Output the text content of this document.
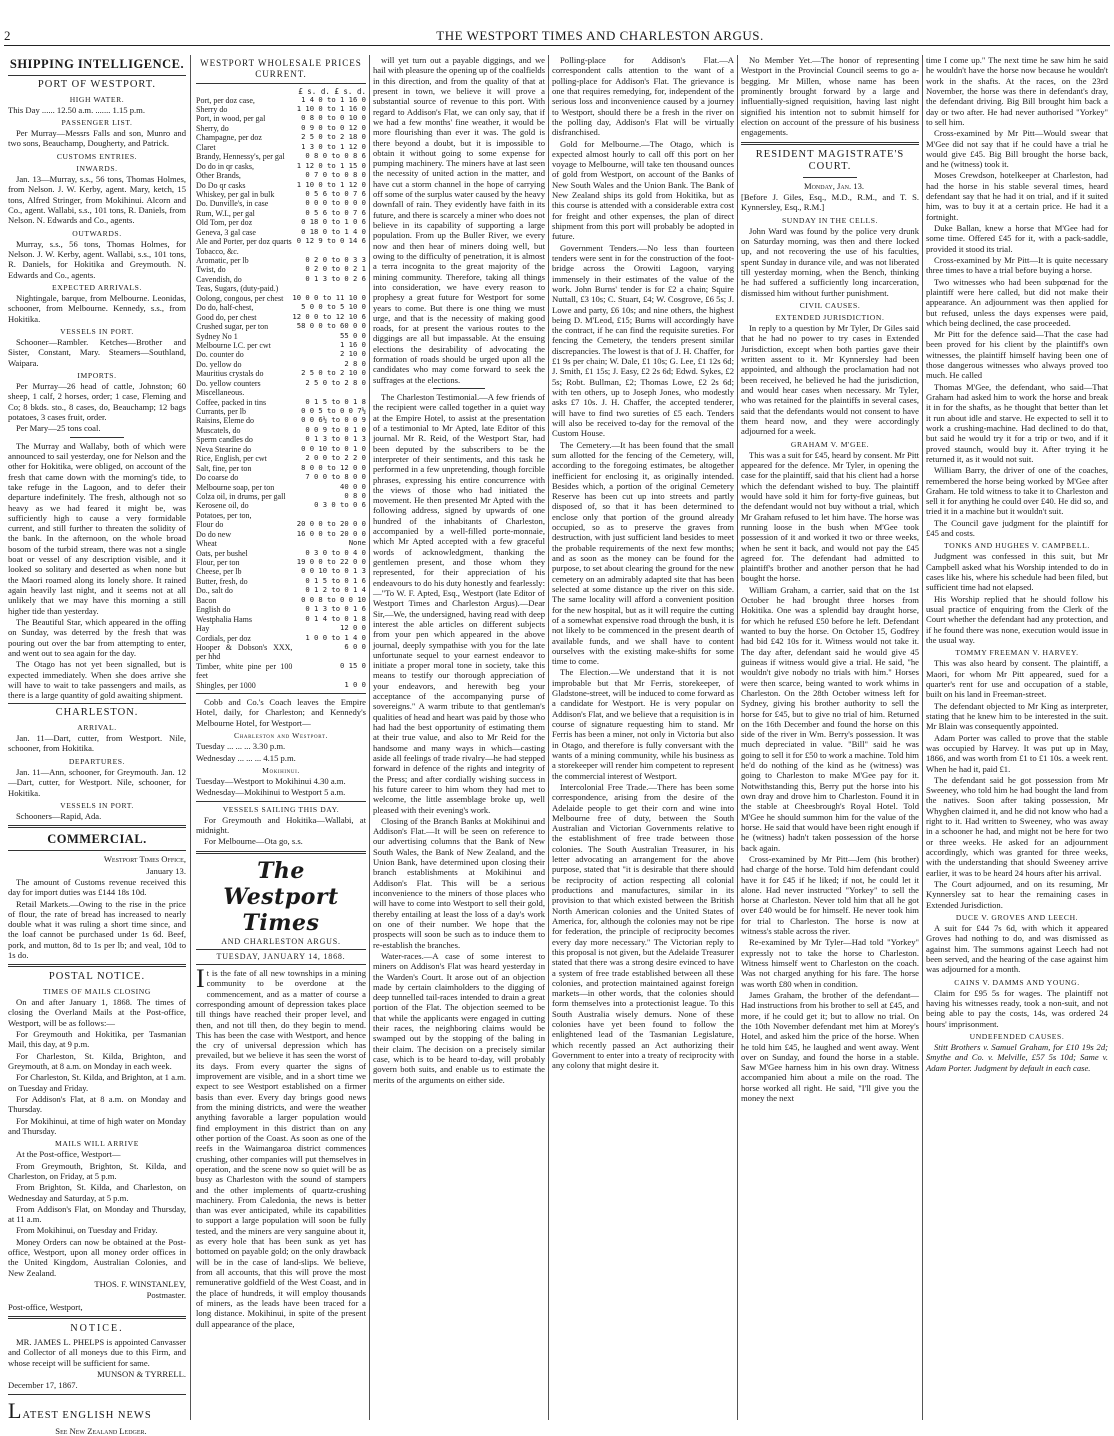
2	THE WESTPORT TIMES AND CHARLESTON ARGUS.
SHIPPING INTELLIGENCE.
PORT OF WESTPORT.
HIGH WATER.

This Day ...... 12.50 a.m. ....... 1.15 p.m.

PASSENGER LIST.

Per Murray—Messrs Falls and son, Munro and two sons, Beauchamp, Dougherty, and Patrick.

CUSTOMS ENTRIES.
INWARDS.

Jan. 13—Murray, s.s., 56 tons, Thomas Holmes, from Nelson. J. W. Kerby, agent. Mary, ketch, 15 tons, Alfred Stringer, from Mokihinui. Alcorn and Co., agent. Wallabi, s.s., 101 tons, R. Daniels, from Nelson. N. Edwards and Co., agents.

OUTWARDS.

Murray, s.s., 56 tons, Thomas Holmes, for Nelson. J. W. Kerby, agent. Wallabi, s.s., 101 tons, R. Daniels, for Hokitika and Greymouth. N. Edwards and Co., agents.

EXPECTED ARRIVALS.

Nightingale, barque, from Melbourne. Leonidas, schooner, from Melbourne. Kennedy, s.s., from Hokitika.

VESSELS IN PORT.

Schooner—Rambler. Ketches—Brother and Sister, Constant, Mary. Steamers—Southland, Waipara.

IMPORTS.

Per Murray—26 head of cattle, Johnston; 60 sheep, 1 calf, 2 horses, order; 1 case, Fleming and Co; 8 bkds. sto., 8 cases, do, Beauchamp; 12 bags potatoes, 3 cases fruit, order.

Per Mary—25 tons coal.

The Murray and Wallaby, both of which were announced to sail yesterday, one for Nelson and the other for Hokitika, were obliged, on account of the fresh that came down with the morning's tide, to take refuge in the Lagoon, and to defer their departure indefinitely. The fresh, although not so heavy as we had feared it might be, was sufficiently high to cause a very formidable current, and still further to threaten the solidity of the bank. In the afternoon, on the whole broad bosom of the turbid stream, there was not a single boat or vessel of any description visible, and it looked so solitary and deserted as when none but the Maori roamed along its lonely shore. It rained again heavily last night, and it seems not at all unlikely that we may have this morning a still higher tide than yesterday.

The Beautiful Star, which appeared in the offing on Sunday, was deterred by the fresh that was pouring out over the bar from attempting to enter, and went out to sea again for the day.

The Otago has not yet been signalled, but is expected immediately. When she does arrive she will have to wait to take passengers and mails, as there is a large quantity of gold awaiting shipment.

CHARLESTON.
ARRIVAL.

Jan. 11—Dart, cutter, from Westport. Nile, schooner, from Hokitika.

DEPARTURES.

Jan. 11—Ann, schooner, for Greymouth. Jan. 12—Dart, cutter, for Westport. Nile, schooner, for Hokitika.

VESSELS IN PORT.

Schooners—Rapid, Ada.

COMMERCIAL.

Westport Times Office,

January 13.

The amount of Customs revenue received this day for import duties was £144 18s 10d.

Retail Markets.—Owing to the rise in the price of flour, the rate of bread has increased to nearly double what it was ruling a short time since, and the loaf cannot be purchased under 1s 6d. Beef, pork, and mutton, 8d to 1s per lb; and veal, 10d to 1s do.

POSTAL NOTICE.
TIMES OF MAILS CLOSING

On and after January 1, 1868. The times of closing the Overland Mails at the Post-office, Westport, will be as follows:—

For Greymouth and Hokitika, per Tasmanian Mail, this day, at 9 p.m.

For Charleston, St. Kilda, Brighton, and Greymouth, at 8 a.m. on Monday in each week.

For Charleston, St. Kilda, and Brighton, at 1 a.m. on Tuesday and Friday.

For Addison's Flat, at 8 a.m. on Monday and Thursday.

For Mokihinui, at time of high water on Monday and Thursday.

MAILS WILL ARRIVE

At the Post-office, Westport—

From Greymouth, Brighton, St. Kilda, and Charleston, on Friday, at 5 p.m.

From Brighton, St. Kilda, and Charleston, on Wednesday and Saturday, at 5 p.m.

From Addison's Flat, on Monday and Thursday, at 11 a.m.

From Mokihinui, on Tuesday and Friday.

Money Orders can now be obtained at the Post-office, Westport, upon all money order offices in the United Kingdom, Australian Colonies, and New Zealand.

THOS. F. WINSTANLEY,

Postmaster.

Post-office, Westport,

NOTICE.

MR. JAMES L. PHELPS is appointed Canvasser and Collector of all moneys due to this Firm, and whose receipt will be sufficient for same.

MUNSON & TYRRELL.

December 17, 1867.

LATEST ENGLISH NEWS

See New Zealand Ledger.

WESTPORT WHOLESALE PRICES CURRENT.
£ s. d. £ s. d.
Port, per doz case,	1 4 0 to 1 16 0
Sherry do	1 10 0 to 1 16 0
Port, in wood, per gal	0 8 0 to 0 10 0
Sherry, do	0 9 0 to 0 12 0
Champagne, per doz	2 5 0 to 2 18 0
Claret	1 3 0 to 1 12 0
Brandy, Hennessy's, per gal	0 8 0 to 0 8 6
Do do in qr casks,	1 12 0 to 1 15 0
Other Brands,	0 7 0 to 0 8 0
Do Do qr casks	1 10 0 to 1 12 0
Whiskey, per gal in bulk	0 5 6 to 0 7 6
Do. Dunville's, in case	0 0 0 to 0 0 0
Rum, W.I., per gal	0 5 6 to 0 7 6
Old Tom, per doz	0 18 0 to 1 0 6
Geneva, 3 gal case	0 18 0 to 1 4 0
Ale and Porter, per doz quarts	0 12 9 to 0 14 6
Tobacco, &c.	
Aromatic, per lb	0 2 0 to 0 3 3
Twist, do	0 2 0 to 0 2 1
Cavendish, do	0 1 3 to 0 2 6
Teas, Sugars, (duty-paid.)	
Oolong, congous, per chest	10 0 0 to 11 10 0
Do do, half-chest,	5 0 0 to 5 10 0
Good do, per chest	12 0 0 to 12 10 6
Crushed sugar, per ton	58 0 0 to 60 0 0
Sydney No 1	55 0 0
Melbourne I.C. per cwt	1 16 0
Do. counter do	2 10 0
Do. yellow do	2 8 0
Mauritius crystals do	2 5 0 to 2 10 0
Do. yellow counters	2 5 0 to 2 8 0
Miscellaneous.	
Coffee, packed in tins	0 1 5 to 0 1 8
Currants, per lb	0 0 5 to 0 0 7½
Raisins, Eleme do	0 0 6½ to 0 0 9
Muscatels, do	0 0 9 to 0 1 0
Sperm candles do	0 1 3 to 0 1 3
Neva Stearine do	0 0 10 to 0 1 0
Rice, English, per cwt	2 0 0 to 2 2 0
Salt, fine, per ton	8 0 0 to 12 0 0
Do coarse do	7 0 0 to 8 0 0
Melbourne soap, per ton	40 0 0
Colza oil, in drums, per gall	0 8 0
Kerosene oil, do	0 3 0 to 0 6
Potatoes, per ton,	
Flour do	20 0 0 to 20 0 0
Do do new	16 0 0 to 20 0 0
Wheat	None
Oats, per bushel	0 3 0 to 0 4 0
Flour, per ton	19 0 0 to 22 0 0
Cheese, per lb	0 0 10 to 0 1 3
Butter, fresh, do	0 1 5 to 0 1 6
Do., salt do	0 1 2 to 0 1 4
Bacon	0 0 8 to 0 0 10
English do	0 1 3 to 0 1 6
Westphalia Hams	0 1 4 to 0 1 8
Hay	12 0 0
Cordials, per doz	1 0 0 to 1 4 0
Hooper & Dobson's XXX, per hhd	6 0 0
Timber, white pine per 100 feet	0 15 0
Shingles, per 1000	1 0 0

Cobb and Co.'s Coach leaves the Empire Hotel, daily, for Charleston; and Kennedy's Melbourne Hotel, for Westport—

Charleston and Westport.

Tuesday ... ... ... 3.30 p.m.

Wednesday ... ... ... 4.15 p.m.

Mokihinui.

Tuesday—Westport to Mokihinui 4.30 a.m.

Wednesday—Mokihinui to Westport 5 a.m.

VESSELS SAILING THIS DAY.

For Greymouth and Hokitika—Wallabi, at midnight.

For Melbourne—Ota go, s.s.

The Westport Times
AND CHARLESTON ARGUS.
TUESDAY, JANUARY 14, 1868.

It is the fate of all new townships in a mining community to be overdone at the commencement, and as a matter of course a corresponding amount of depression takes place till things have reached their proper level, and then, and not till then, do they begin to mend. This has been the case with Westport, and hence the cry of universal depression which has prevailed, but we believe it has seen the worst of its days. From every quarter the signs of improvement are visible, and in a short time we expect to see Westport established on a firmer basis than ever. Every day brings good news from the mining districts, and were the weather anything favorable a larger population would find employment in this district than on any other portion of the Coast. As soon as one of the reefs in the Waimangaroa district commences crushing, other companies will put themselves in operation, and the scene now so quiet will be as busy as Charleston with the sound of stampers and the other implements of quartz-crushing machinery. From Caledonia, the news is better than was ever anticipated, while its capabilities to support a large population will soon be fully tested, and the miners are very sanguine about it, as every hole that has been sunk as yet has bottomed on payable gold; on the only drawback will be in the case of land-slips. We believe, from all accounts, that this will prove the most remunerative goldfield of the West Coast, and in the place of hundreds, it will employ thousands of miners, as the leads have been traced for a long distance. Mokihinui, in spite of the present dull appearance of the place,

will yet turn out a payable diggings, and we hail with pleasure the opening up of the coalfields in this direction, and from the quality of that at present in town, we believe it will prove a substantial source of revenue to this port. With regard to Addison's Flat, we can only say, that if we had a few months' fine weather, it would be more flourishing than ever it was. The gold is there beyond a doubt, but it is impossible to obtain it without going to some expense for pumping machinery. The miners have at last seen the necessity of united action in the matter, and have cut a storm channel in the hope of carrying off some of the surplus water caused by the heavy downfall of rain. They evidently have faith in its future, and there is scarcely a miner who does not believe in its capability of supporting a large population. From up the Buller River, we every now and then hear of miners doing well, but owing to the difficulty of penetration, it is almost a terra incognita to the great majority of the mining community. Therefore, taking all things into consideration, we have every reason to prophesy a great future for Westport for some years to come. But there is one thing we must urge, and that is the necessity of making good roads, for at present the various routes to the diggings are all but impassable. At the ensuing elections the desirability of advocating the formation of roads should be urged upon all the candidates who may come forward to seek the suffrages at the elections.

The Charleston Testimonial.—A few friends of the recipient were called together in a quiet way at the Empire Hotel, to assist at the presentation of a testimonial to Mr Apted, late Editor of this journal. Mr R. Reid, of the Westport Star, had been deputed by the subscribers to be the interpreter of their sentiments, and this task he performed in a few unpretending, though forcible phrases, expressing his entire concurrence with the views of those who had initiated the movement. He then presented Mr Apted with the following address, signed by upwards of one hundred of the inhabitants of Charleston, accompanied by a well-filled porte-monnaie, which Mr Apted accepted with a few graceful words of acknowledgment, thanking the gentlemen present, and those whom they represented, for their appreciation of his endeavours to do his duty honestly and fearlessly:—"To W. F. Apted, Esq., Westport (late Editor of Westport Times and Charleston Argus).—Dear Sir,—We, the undersigned, having read with deep interest the able articles on different subjects from your pen which appeared in the above journal, deeply sympathise with you for the late unfortunate sequel to your earnest endeavor to initiate a proper moral tone in society, take this means to testify our thorough appreciation of your endeavors, and herewith beg your acceptance of the accompanying purse of sovereigns." A warm tribute to that gentleman's qualities of head and heart was paid by those who had had the best opportunity of estimating them at their true value, and also to Mr Reid for the handsome and many ways in which—casting aside all feelings of trade rivalry—he had stepped forward in defence of the rights and integrity of the Press; and after cordially wishing success in his future career to him whom they had met to welcome, the little assemblage broke up, well pleased with their evening's work.

Closing of the Branch Banks at Mokihinui and Addison's Flat.—It will be seen on reference to our advertising columns that the Bank of New South Wales, the Bank of New Zealand, and the Union Bank, have determined upon closing their branch establishments at Mokihinui and Addison's Flat. This will be a serious inconvenience to the miners of those places who will have to come into Westport to sell their gold, thereby entailing at least the loss of a day's work on one of their number. We hope that the prospects will soon be such as to induce them to re-establish the branches.

Water-races.—A case of some interest to miners on Addison's Flat was heard yesterday in the Warden's Court. It arose out of an objection made by certain claimholders to the digging of deep tunnelled tail-races intended to drain a great portion of the Flat. The objection seemed to be that while the applicants were engaged in cutting their races, the neighboring claims would be swamped out by the stopping of the baling in their claim. The decision on a precisely similar case, which is to be heard to-day, will probably govern both suits, and enable us to estimate the merits of the arguments on either side.

Polling-place for Addison's Flat.—A correspondent calls attention to the want of a polling-place for Addison's Flat. The grievance is one that requires remedying, for, independent of the serious loss and inconvenience caused by a journey to Westport, should there be a fresh in the river on the polling day, Addison's Flat will be virtually disfranchised.

Gold for Melbourne.—The Otago, which is expected almost hourly to call off this port on her voyage to Melbourne, will take ten thousand ounces of gold from Westport, on account of the Banks of New South Wales and the Union Bank. The Bank of New Zealand ships its gold from Hokitika, but as this course is attended with a considerable extra cost for freight and other expenses, the plan of direct shipment from this port will probably be adopted in future.

Government Tenders.—No less than fourteen tenders were sent in for the construction of the foot-bridge across the Orowiti Lagoon, varying immensely in their estimates of the value of the work. John Burns' tender is for £2 a chain; Squire Nuttall, £3 10s; C. Stuart, £4; W. Cosgrove, £6 5s; J. Lowe and party, £6 10s; and nine others, the highest being D. M'Leod, £15; Burns will accordingly have the contract, if he can find the requisite sureties. For fencing the Cemetery, the tenders present similar discrepancies. The lowest is that of J. H. Chaffer, for £1 9s per chain; W. Dale, £1 10s; G. Lee, £1 12s 6d; J. Smith, £1 15s; J. Easy, £2 2s 6d; Edwd. Sykes, £2 5s; Robt. Bullman, £2; Thomas Lowe, £2 2s 6d; with ten others, up to Joseph Jones, who modestly asks £7 10s. J. H. Chaffer, the accepted tenderer, will have to find two sureties of £5 each. Tenders will also be received to-day for the removal of the Custom House.

The Cemetery.—It has been found that the small sum allotted for the fencing of the Cemetery, will, according to the foregoing estimates, be altogether inefficient for enclosing it, as originally intended. Besides which, a portion of the original Cemetery Reserve has been cut up into streets and partly disposed of, so that it has been determined to enclose only that portion of the ground already occupied, so as to preserve the graves from destruction, with just sufficient land besides to meet the probable requirements of the next few months; and as soon as the money can be found for the purpose, to set about clearing the ground for the new cemetery on an admirably adapted site that has been selected at some distance up the river on this side. The same locality will afford a convenient position for the new hospital, but as it will require the cutting of a somewhat expensive road through the bush, it is not likely to be commenced in the present dearth of available funds, and we shall have to content ourselves with the existing make-shifts for some time to come.

The Election.—We understand that it is not improbable but that Mr Ferris, storekeeper, of Gladstone-street, will be induced to come forward as a candidate for Westport. He is very popular on Addison's Flat, and we believe that a requisition is in course of signature requesting him to stand. Mr Ferris has been a miner, not only in Victoria but also in Otago, and therefore is fully conversant with the wants of a mining community, while his business as a storekeeper will render him competent to represent the commercial interest of Westport.

Intercolonial Free Trade.—There has been some correspondence, arising from the desire of the Adelaide people to get their corn and wine into Melbourne free of duty, between the South Australian and Victorian Governments relative to the establishment of free trade between those colonies. The South Australian Treasurer, in his letter advocating an arrangement for the above purpose, stated that "it is desirable that there should be reciprocity of action respecting all colonial productions and manufactures, similar in its provision to that which existed between the British North American colonies and the United States of America, for, although the colonies may not be ripe for federation, the principle of reciprocity becomes every day more necessary." The Victorian reply to this proposal is not given, but the Adelaide Treasurer stated that there was a strong desire evinced to have a system of free trade established between all these colonies, and protection maintained against foreign markets—in other words, that the colonies should form themselves into a protectionist league. To this South Australia wisely demurs. None of these colonies have yet been found to follow the enlightened lead of the Tasmanian Legislature, which recently passed an Act authorizing their Government to enter into a treaty of reciprocity with any colony that might desire it.

No Member Yet.—The honor of representing Westport in the Provincial Council seems to go a-begging. Mr Millen, whose name has been prominently brought forward by a large and influentially-signed requisition, having last night signified his intention not to submit himself for election on account of the pressure of his business engagements.

RESIDENT MAGISTRATE'S COURT.

Monday, Jan. 13.

[Before J. Giles, Esq., M.D., R.M., and T. S. Kynnersley, Esq., R.M.]

SUNDAY IN THE CELLS.

John Ward was found by the police very drunk on Saturday morning, was then and there locked up, and not recovering the use of his faculties, spent Sunday in durance vile, and was not liberated till yesterday morning, when the Bench, thinking he had suffered a sufficiently long incarceration, dismissed him without further punishment.

CIVIL CAUSES.
EXTENDED JURISDICTION.

In reply to a question by Mr Tyler, Dr Giles said that he had no power to try cases in Extended Jurisdiction, except when both parties gave their written assent to it. Mr Kynnersley had been appointed, and although the proclamation had not been received, he believed he had the jurisdiction, and would hear cases when necessary. Mr Tyler, who was retained for the plaintiffs in several cases, said that the defendants would not consent to have them heard now, and they were accordingly adjourned for a week.

GRAHAM V. M'GEE.

This was a suit for £45, heard by consent. Mr Pitt appeared for the defence. Mr Tyler, in opening the case for the plaintiff, said that his client had a horse which the defendant wished to buy. The plaintiff would have sold it him for forty-five guineas, but the defendant would not buy without a trial, which Mr Graham refused to let him have. The horse was running loose in the bush when M'Gee took possession of it and worked it two or three weeks, when he sent it back, and would not pay the £45 agreed for. The defendant had admitted to plaintiff's brother and another person that he had bought the horse.

William Graham, a carrier, said that on the 1st October he had brought three horses from Hokitika. One was a splendid bay draught horse, for which he refused £50 before he left. Defendant wanted to buy the horse. On October 15, Godfrey had bid £42 10s for it. Witness would not take it. The day after, defendant said he would give 45 guineas if witness would give a trial. He said, "he wouldn't give nobody no trials with him." Horses were then scarce, being wanted to work whims in Charleston. On the 28th October witness left for Sydney, giving his brother authority to sell the horse for £45, but to give no trial of him. Returned on the 16th December and found the horse on this side of the river in Wm. Berry's possession. It was much depreciated in value. "Bill" said he was going to sell it for £50 to work a machine. Told him he'd do nothing of the kind as he (witness) was going to Charleston to make M'Gee pay for it. Notwithstanding this, Berry put the horse into his own dray and drove him to Charleston. Found it in the stable at Cheesbrough's Royal Hotel. Told M'Gee he should summon him for the value of the horse. He said that would have been right enough if he (witness) hadn't taken possession of the horse back again.

Cross-examined by Mr Pitt—Jem (his brother) had charge of the horse. Told him defendant could have it for £45 if he liked; if not, he could let it alone. Had never instructed "Yorkey" to sell the horse at Charleston. Never told him that all he got over £40 would be for himself. He never took him for trial to Charleston. The horse is now at witness's stable across the river.

Re-examined by Mr Tyler—Had told "Yorkey" expressly not to take the horse to Charleston. Witness himself went to Charleston on the coach. Was not charged anything for his fare. The horse was worth £80 when in condition.

James Graham, the brother of the defendant—Had instructions from his brother to sell at £45, and more, if he could get it; but to allow no trial. On the 10th November defendant met him at Morey's Hotel, and asked him the price of the horse. When he told him £45, he laughed and went away. Went over on Sunday, and found the horse in a stable. Saw M'Gee harness him in his own dray. Witness accompanied him about a mile on the road. The horse worked all right. He said, "I'll give you the money the next

time I come up." The next time he saw him he said he wouldn't have the horse now because he wouldn't work in the shafts. At the races, on the 23rd November, the horse was there in defendant's dray, the defendant driving. Big Bill brought him back a day or two after. He had never authorised "Yorkey" to sell him.

Cross-examined by Mr Pitt—Would swear that M'Gee did not say that if he could have a trial he would give £45. Big Bill brought the horse back, and he (witness) took it.

Moses Crewdson, hotelkeeper at Charleston, had had the horse in his stable several times, heard defendant say that he had it on trial, and if it suited him, was to buy it at a certain price. He had it a fortnight.

Duke Ballan, knew a horse that M'Gee had for some time. Offered £45 for it, with a pack-saddle, provided it stood its trial.

Cross-examined by Mr Pitt—It is quite necessary three times to have a trial before buying a horse.

Two witnesses who had been subpœnad for the plaintiff were here called, but did not make their appearance. An adjournment was then applied for but refused, unless the days expenses were paid, which being declined, the case proceeded.

Mr Pitt for the defence said—That the case had been proved for his client by the plaintiff's own witnesses, the plaintiff himself having been one of those dangerous witnesses who always proved too much. He called

Thomas M'Gee, the defendant, who said—That Graham had asked him to work the horse and break it in for the shafts, as he thought that better than let it run about idle and starve. He expected to sell it to work a crushing-machine. Had declined to do that, but said he would try it for a trip or two, and if it proved staunch, would buy it. After trying it he returned it, as it would not suit.

William Barry, the driver of one of the coaches, remembered the horse being worked by M'Gee after Graham. He told witness to take it to Charleston and sell it for anything he could over £40. He did so, and tried it in a machine but it wouldn't suit.

The Council gave judgment for the plaintiff for £45 and costs.

TONKS AND HUGHES V. CAMPBELL.

Judgment was confessed in this suit, but Mr Campbell asked what his Worship intended to do in cases like his, where his schedule had been filed, but sufficient time had not elapsed.

His Worship replied that he should follow his usual practice of enquiring from the Clerk of the Court whether the defendant had any protection, and if he found there was none, execution would issue in the usual way.

TOMMY FREEMAN V. HARVEY.

This was also heard by consent. The plaintiff, a Maori, for whom Mr Pitt appeared, sued for a quarter's rent for use and occupation of a stable, built on his land in Freeman-street.

The defendant objected to Mr King as interpreter, stating that he knew him to be interested in the suit. Mr Blain was consequently appointed.

Adam Porter was called to prove that the stable was occupied by Harvey. It was put up in May, 1866, and was worth from £1 to £1 10s. a week rent. When he had it, paid £1.

The defendant said he got possession from Mr Sweeney, who told him he had bought the land from the natives. Soon after taking possession, Mr Whyghen claimed it, and he did not know who had a right to it. Had written to Sweeney, who was away in a schooner he had, and might not be here for two or three weeks. He asked for an adjournment accordingly, which was granted for three weeks, with the understanding that should Sweeney arrive earlier, it was to be heard 24 hours after his arrival.

The Court adjourned, and on its resuming, Mr Kynnersley sat to hear the remaining cases in Extended Jurisdiction.

DUCE V. GROVES AND LEECH.

A suit for £44 7s 6d, with which it appeared Groves had nothing to do, and was dismissed as against him. The summons against Leech had not been served, and the hearing of the case against him was adjourned for a month.

CAINS V. DAMMS AND YOUNG.

Claim for £95 5s for wages. The plaintiff not having his witnesses ready, took a non-suit, and not being able to pay the costs, 14s, was ordered 24 hours' imprisonment.

UNDEFENDED CAUSES.

Stitt Brothers v. Samuel Graham, for £10 19s 2d; Smythe and Co. v. Melville, £57 5s 10d; Same v. Adam Porter. Judgment by default in each case.
